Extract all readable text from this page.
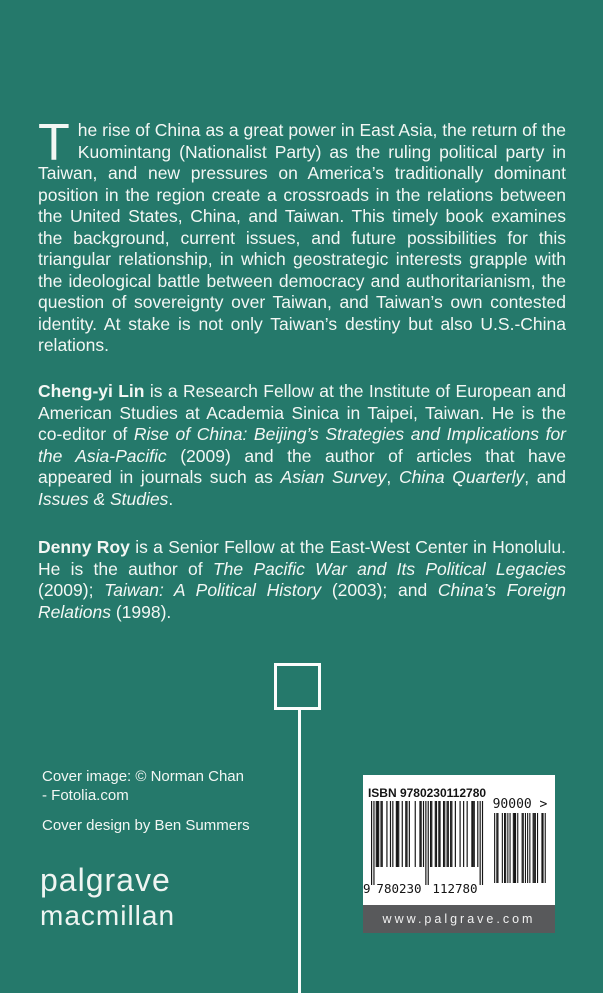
The rise of China as a great power in East Asia, the return of the Kuomintang (Nationalist Party) as the ruling political party in Taiwan, and new pressures on America’s traditionally dominant position in the region create a crossroads in the relations between the United States, China, and Taiwan. This timely book examines the background, current issues, and future possibilities for this triangular relationship, in which geostrategic interests grapple with the ideological battle between democracy and authoritarianism, the question of sovereignty over Taiwan, and Taiwan’s own contested identity. At stake is not only Taiwan’s destiny but also U.S.-China relations.

Cheng-yi Lin is a Research Fellow at the Institute of European and American Studies at Academia Sinica in Taipei, Taiwan. He is the co-editor of Rise of China: Beijing’s Strategies and Implications for the Asia-Pacific (2009) and the author of articles that have appeared in journals such as Asian Survey, China Quarterly, and Issues & Studies.

Denny Roy is a Senior Fellow at the East-West Center in Honolulu. He is the author of The Pacific War and Its Political Legacies (2009); Taiwan: A Political History (2003); and China’s Foreign Relations (1998).

Cover image: © Norman Chan

- Fotolia.com

Cover design by Ben Summers

palgrave
macmillan
ISBN 9780230112780
9 780230 112780
90000 >
www.palgrave.com
